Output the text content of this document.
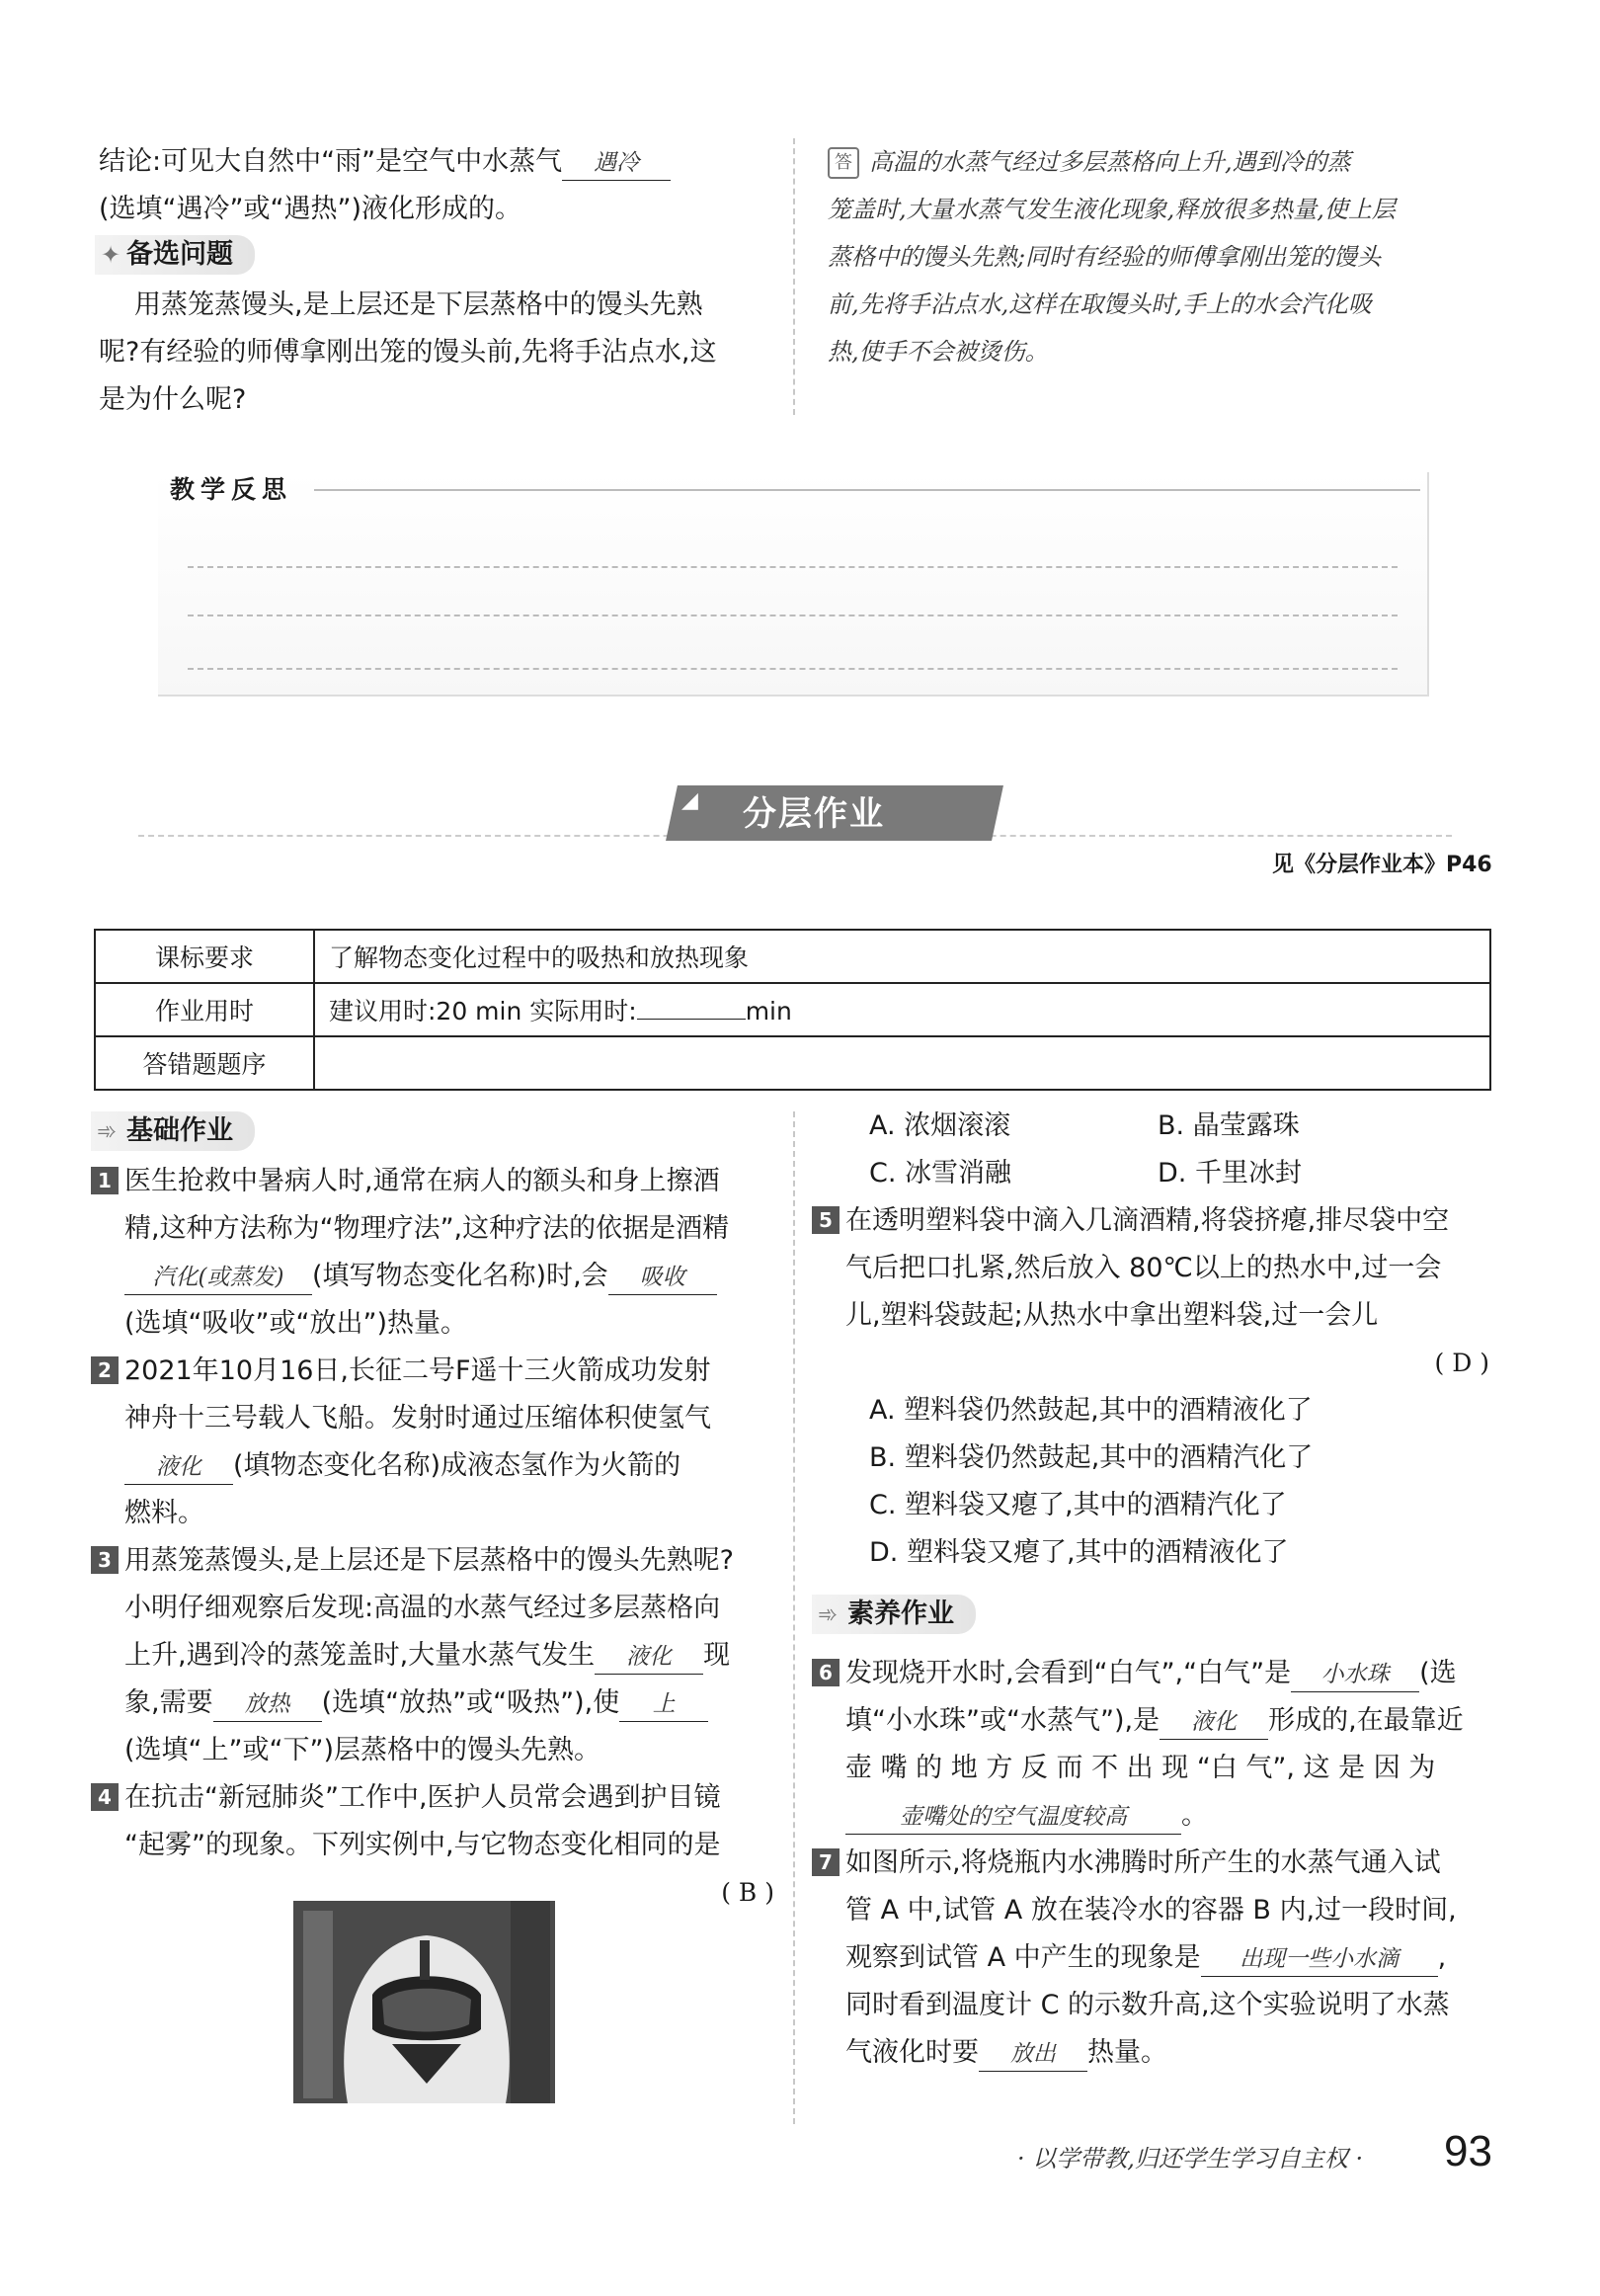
结论:可见大自然中“雨”是空气中水蒸气 遇冷
(选填“遇冷”或“遇热”)液化形成的。
✦ 备选问题
用蒸笼蒸馒头,是上层还是下层蒸格中的馒头先熟
呢?有经验的师傅拿刚出笼的馒头前,先将手沾点水,这
是为什么呢?
答 高温的水蒸气经过多层蒸格向上升,遇到冷的蒸
笼盖时,大量水蒸气发生液化现象,释放很多热量,使上层
蒸格中的馒头先熟;同时有经验的师傅拿刚出笼的馒头
前,先将手沾点水,这样在取馒头时,手上的水会汽化吸
热,使手不会被烫伤。
教学反思
◢ 分层作业
见《分层作业本》P46
课标要求	了解物态变化过程中的吸热和放热现象
作业用时	建议用时:20 min 实际用时: min
答错题题序	
➾ 基础作业
1 医生抢救中暑病人时,通常在病人的额头和身上擦酒
精,这种方法称为“物理疗法”,这种疗法的依据是酒精
汽化(或蒸发) (填写物态变化名称)时,会 吸收
(选填“吸收”或“放出”)热量。
2 2021年10月16日,长征二号F遥十三火箭成功发射
神舟十三号载人飞船。发射时通过压缩体积使氢气
液化 (填物态变化名称)成液态氢作为火箭的
燃料。
3 用蒸笼蒸馒头,是上层还是下层蒸格中的馒头先熟呢?
小明仔细观察后发现:高温的水蒸气经过多层蒸格向
上升,遇到冷的蒸笼盖时,大量水蒸气发生 液化 现
象,需要 放热 (选填“放热”或“吸热”),使 上
(选填“上”或“下”)层蒸格中的馒头先熟。
4 在抗击“新冠肺炎”工作中,医护人员常会遇到护目镜
“起雾”的现象。下列实例中,与它物态变化相同的是
( B )
A. 浓烟滚滚	B. 晶莹露珠
C. 冰雪消融	D. 千里冰封
5 在透明塑料袋中滴入几滴酒精,将袋挤瘪,排尽袋中空
气后把口扎紧,然后放入 80℃以上的热水中,过一会
儿,塑料袋鼓起;从热水中拿出塑料袋,过一会儿
( D )
A. 塑料袋仍然鼓起,其中的酒精液化了
B. 塑料袋仍然鼓起,其中的酒精汽化了
C. 塑料袋又瘪了,其中的酒精汽化了
D. 塑料袋又瘪了,其中的酒精液化了
➾ 素养作业
6 发现烧开水时,会看到“白气”,“白气”是 小水珠 (选
填“小水珠”或“水蒸气”),是 液化 形成的,在最靠近
壶 嘴 的 地 方 反 而 不 出 现 “白 气”, 这 是 因 为
壶嘴处的空气温度较高 。
7 如图所示,将烧瓶内水沸腾时所产生的水蒸气通入试
管 A 中,试管 A 放在装冷水的容器 B 内,过一段时间,
观察到试管 A 中产生的现象是 出现一些小水滴 ,
同时看到温度计 C 的示数升高,这个实验说明了水蒸
气液化时要 放出 热量。
· 以学带教,归还学生学习自主权 · 93
